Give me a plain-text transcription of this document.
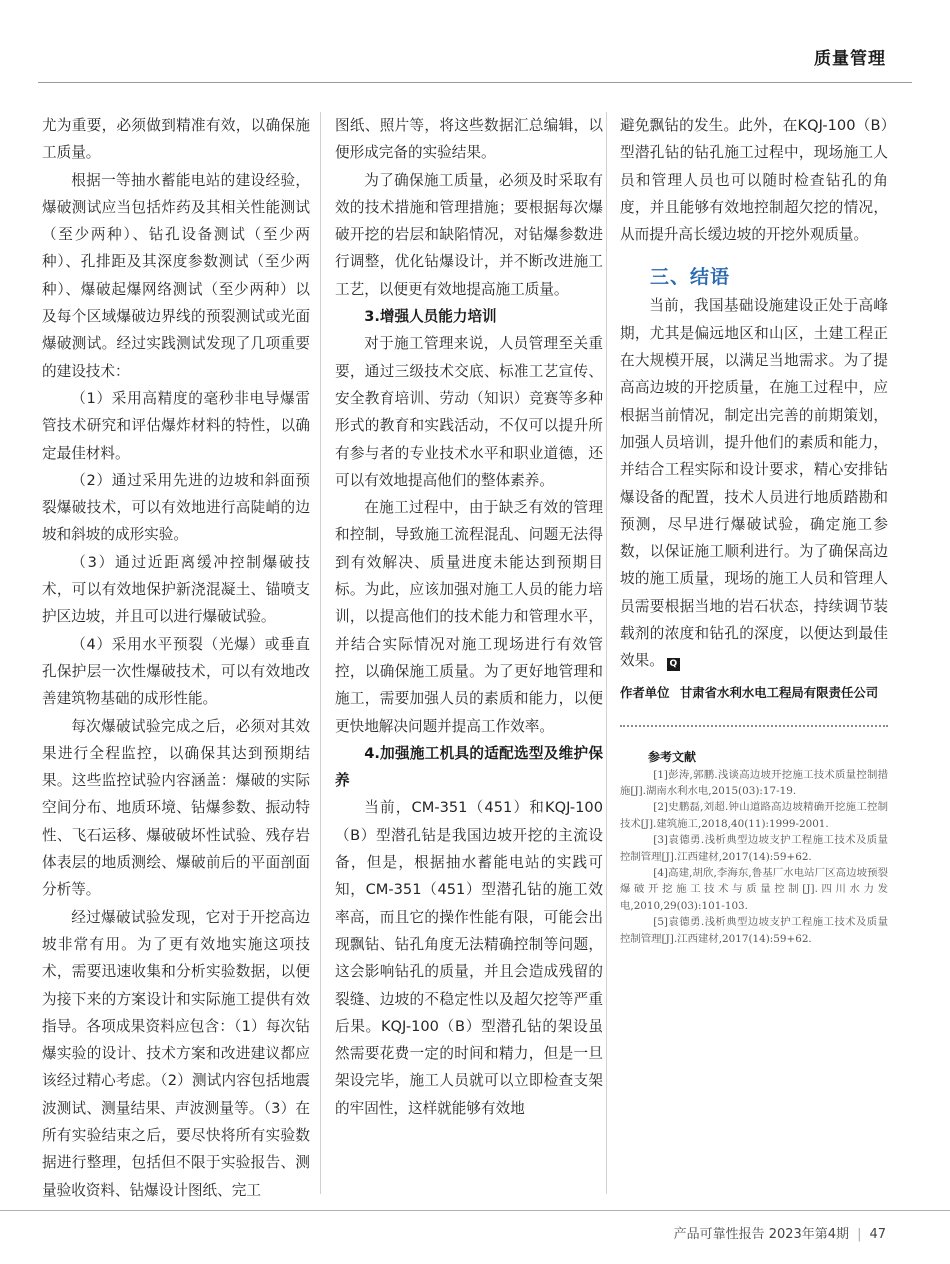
质量管理

尤为重要，必须做到精准有效，以确保施工质量。

根据一等抽水蓄能电站的建设经验，爆破测试应当包括炸药及其相关性能测试（至少两种）、钻孔设备测试（至少两种）、孔排距及其深度参数测试（至少两种）、爆破起爆网络测试（至少两种）以及每个区域爆破边界线的预裂测试或光面爆破测试。经过实践测试发现了几项重要的建设技术：

（1）采用高精度的毫秒非电导爆雷管技术研究和评估爆炸材料的特性，以确定最佳材料。

（2）通过采用先进的边坡和斜面预裂爆破技术，可以有效地进行高陡峭的边坡和斜坡的成形实验。

（3）通过近距离缓冲控制爆破技术，可以有效地保护新浇混凝土、锚喷支护区边坡，并且可以进行爆破试验。

（4）采用水平预裂（光爆）或垂直孔保护层一次性爆破技术，可以有效地改善建筑物基础的成形性能。

每次爆破试验完成之后，必须对其效果进行全程监控，以确保其达到预期结果。这些监控试验内容涵盖：爆破的实际空间分布、地质环境、钻爆参数、振动特性、飞石运移、爆破破坏性试验、残存岩体表层的地质测绘、爆破前后的平面剖面分析等。

经过爆破试验发现，它对于开挖高边坡非常有用。为了更有效地实施这项技术，需要迅速收集和分析实验数据，以便为接下来的方案设计和实际施工提供有效指导。各项成果资料应包含：（1）每次钻爆实验的设计、技术方案和改进建议都应该经过精心考虑。（2）测试内容包括地震波测试、测量结果、声波测量等。（3）在所有实验结束之后，要尽快将所有实验数据进行整理，包括但不限于实验报告、测量验收资料、钻爆设计图纸、完工

图纸、照片等，将这些数据汇总编辑，以便形成完备的实验结果。

为了确保施工质量，必须及时采取有效的技术措施和管理措施；要根据每次爆破开挖的岩层和缺陷情况，对钻爆参数进行调整，优化钻爆设计，并不断改进施工工艺，以便更有效地提高施工质量。

3.增强人员能力培训

对于施工管理来说，人员管理至关重要，通过三级技术交底、标准工艺宣传、安全教育培训、劳动（知识）竞赛等多种形式的教育和实践活动，不仅可以提升所有参与者的专业技术水平和职业道德，还可以有效地提高他们的整体素养。

在施工过程中，由于缺乏有效的管理和控制，导致施工流程混乱、问题无法得到有效解决、质量进度未能达到预期目标。为此，应该加强对施工人员的能力培训，以提高他们的技术能力和管理水平，并结合实际情况对施工现场进行有效管控，以确保施工质量。为了更好地管理和施工，需要加强人员的素质和能力，以便更快地解决问题并提高工作效率。

4.加强施工机具的适配选型及维护保养

当前，CM-351（451）和KQJ-100（B）型潜孔钻是我国边坡开挖的主流设备，但是，根据抽水蓄能电站的实践可知，CM-351（451）型潜孔钻的施工效率高，而且它的操作性能有限，可能会出现飘钻、钻孔角度无法精确控制等问题，这会影响钻孔的质量，并且会造成残留的裂缝、边坡的不稳定性以及超欠挖等严重后果。KQJ-100（B）型潜孔钻的架设虽然需要花费一定的时间和精力，但是一旦架设完毕，施工人员就可以立即检查支架的牢固性，这样就能够有效地

避免飘钻的发生。此外，在KQJ-100（B）型潜孔钻的钻孔施工过程中，现场施工人员和管理人员也可以随时检查钻孔的角度，并且能够有效地控制超欠挖的情况，从而提升高长缓边坡的开挖外观质量。

三、结语

当前，我国基础设施建设正处于高峰期，尤其是偏远地区和山区，土建工程正在大规模开展，以满足当地需求。为了提高高边坡的开挖质量，在施工过程中，应根据当前情况，制定出完善的前期策划，加强人员培训，提升他们的素质和能力，并结合工程实际和设计要求，精心安排钻爆设备的配置，技术人员进行地质踏勘和预测，尽早进行爆破试验，确定施工参数，以保证施工顺利进行。为了确保高边坡的施工质量，现场的施工人员和管理人员需要根据当地的岩石状态，持续调节装载剂的浓度和钻孔的深度，以便达到最佳效果。 Q

作者单位 甘肃省水利水电工程局有限责任公司
参考文献

[1]彭涛,郭鹏.浅谈高边坡开挖施工技术质量控制措施[J].湖南水利水电,2015(03):17-19.

[2]史鹏磊,刘超.钟山道路高边坡精确开挖施工控制技术[J].建筑施工,2018,40(11):1999-2001.

[3]袁德勇.浅析典型边坡支护工程施工技术及质量控制管理[J].江西建材,2017(14):59+62.

[4]高建,胡欣,李海东,鲁基厂水电站厂区高边坡预裂爆破开挖施工技术与质量控制[J].四川水力发电,2010,29(03):101-103.

[5]袁德勇.浅析典型边坡支护工程施工技术及质量控制管理[J].江西建材,2017(14):59+62.

产品可靠性报告 2023年第4期 | 47
